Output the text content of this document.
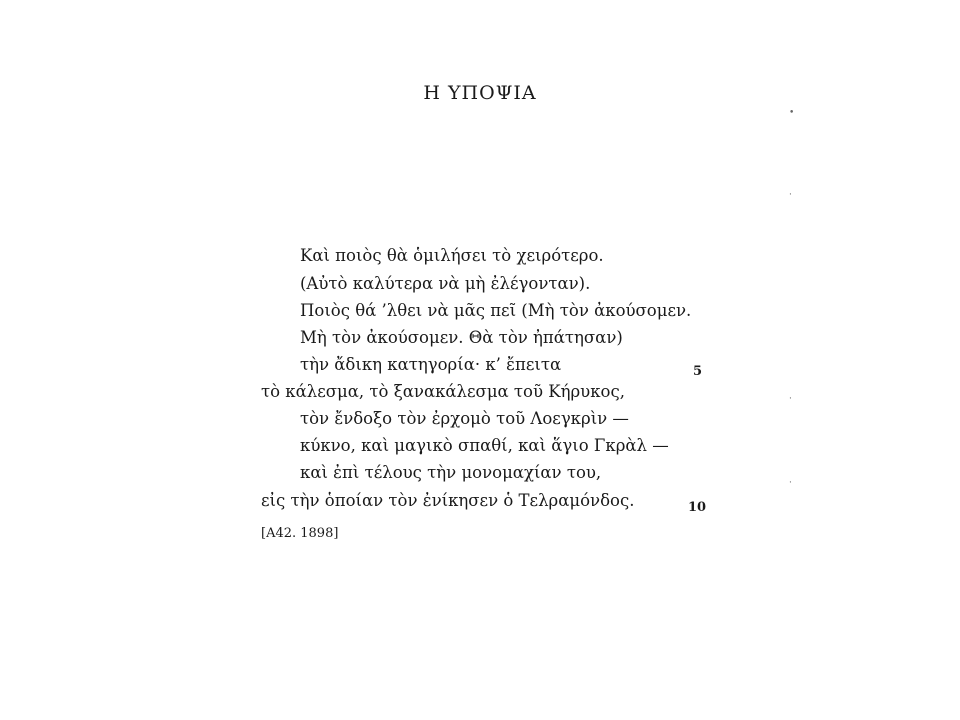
Η ΥΠΟΨΙΑ
Καὶ ποιὸς θὰ ὁμιλήσει τὸ χειρότερο.
(Αὐτὸ καλύτερα νὰ μὴ ἐλέγονταν).
Ποιὸς θά ’λθει νὰ μᾶς πεῖ (Μὴ τὸν ἀκούσομεν.
Μὴ τὸν ἀκούσομεν. Θὰ τὸν ἠπάτησαν)
τὴν ἄδικη κατηγορία· κ’ ἔπειτα
τὸ κάλεσμα, τὸ ξανακάλεσμα τοῦ Κήρυκος,
τὸν ἔνδοξο τὸν ἐρχομὸ τοῦ Λοεγκρὶν —
κύκνο, καὶ μαγικὸ σπαθί, καὶ ἅγιο Γκρὰλ —
καὶ ἐπὶ τέλους τὴν μονομαχίαν του,
εἰς τὴν ὁποίαν τὸν ἐνίκησεν ὁ Τελραμόνδος.
5
10
[A42. 1898]
•
·
·
·
